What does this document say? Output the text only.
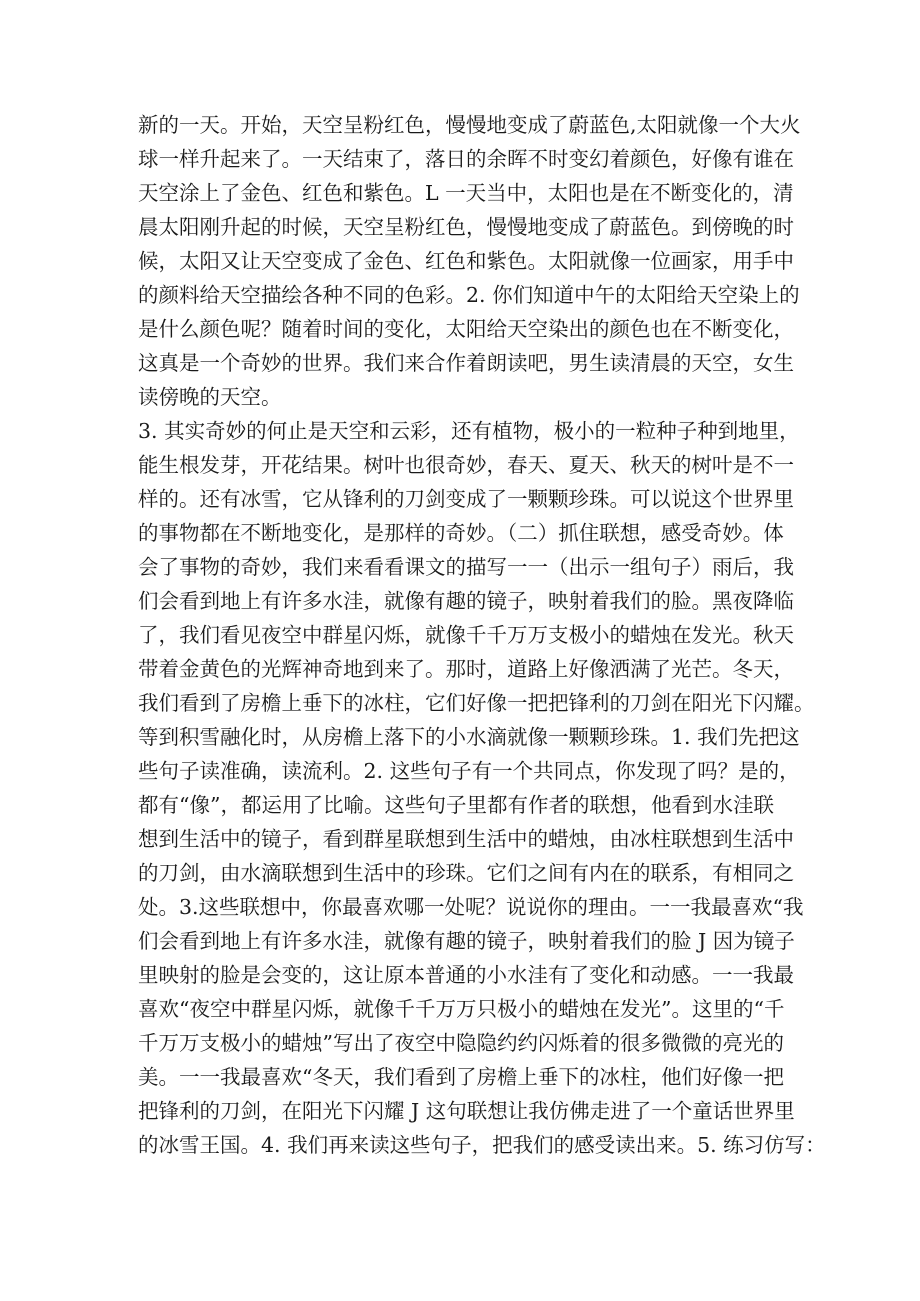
新的一天。开始，天空呈粉红色，慢慢地变成了蔚蓝色,太阳就像一个大火
球一样升起来了。一天结束了，落日的余晖不时变幻着颜色，好像有谁在
天空涂上了金色、红色和紫色。L 一天当中，太阳也是在不断变化的，清
晨太阳刚升起的时候，天空呈粉红色，慢慢地变成了蔚蓝色。到傍晚的时
候，太阳又让天空变成了金色、红色和紫色。太阳就像一位画家，用手中
的颜料给天空描绘各种不同的色彩。2. 你们知道中午的太阳给天空染上的
是什么颜色呢？随着时间的变化，太阳给天空染出的颜色也在不断变化，
这真是一个奇妙的世界。我们来合作着朗读吧，男生读清晨的天空，女生
读傍晚的天空。
3. 其实奇妙的何止是天空和云彩，还有植物，极小的一粒种子种到地里，
能生根发芽，开花结果。树叶也很奇妙，春天、夏天、秋天的树叶是不一
样的。还有冰雪，它从锋利的刀剑变成了一颗颗珍珠。可以说这个世界里
的事物都在不断地变化，是那样的奇妙。（二）抓住联想，感受奇妙。体
会了事物的奇妙，我们来看看课文的描写一一（出示一组句子）雨后，我
们会看到地上有许多水洼，就像有趣的镜子，映射着我们的脸。黑夜降临
了，我们看见夜空中群星闪烁，就像千千万万支极小的蜡烛在发光。秋天
带着金黄色的光辉神奇地到来了。那时，道路上好像洒满了光芒。冬天，
我们看到了房檐上垂下的冰柱，它们好像一把把锋利的刀剑在阳光下闪耀。
等到积雪融化时，从房檐上落下的小水滴就像一颗颗珍珠。1. 我们先把这
些句子读准确，读流利。2. 这些句子有一个共同点，你发现了吗？是的，
都有“像”，都运用了比喻。这些句子里都有作者的联想，他看到水洼联
想到生活中的镜子，看到群星联想到生活中的蜡烛，由冰柱联想到生活中
的刀剑，由水滴联想到生活中的珍珠。它们之间有内在的联系，有相同之
处。3.这些联想中，你最喜欢哪一处呢？说说你的理由。一一我最喜欢“我
们会看到地上有许多水洼，就像有趣的镜子，映射着我们的脸 J 因为镜子
里映射的脸是会变的，这让原本普通的小水洼有了变化和动感。一一我最
喜欢“夜空中群星闪烁，就像千千万万只极小的蜡烛在发光”。这里的“千
千万万支极小的蜡烛”写出了夜空中隐隐约约闪烁着的很多微微的亮光的
美。一一我最喜欢“冬天，我们看到了房檐上垂下的冰柱，他们好像一把
把锋利的刀剑，在阳光下闪耀 J 这句联想让我仿佛走进了一个童话世界里
的冰雪王国。4. 我们再来读这些句子，把我们的感受读出来。5. 练习仿写：
